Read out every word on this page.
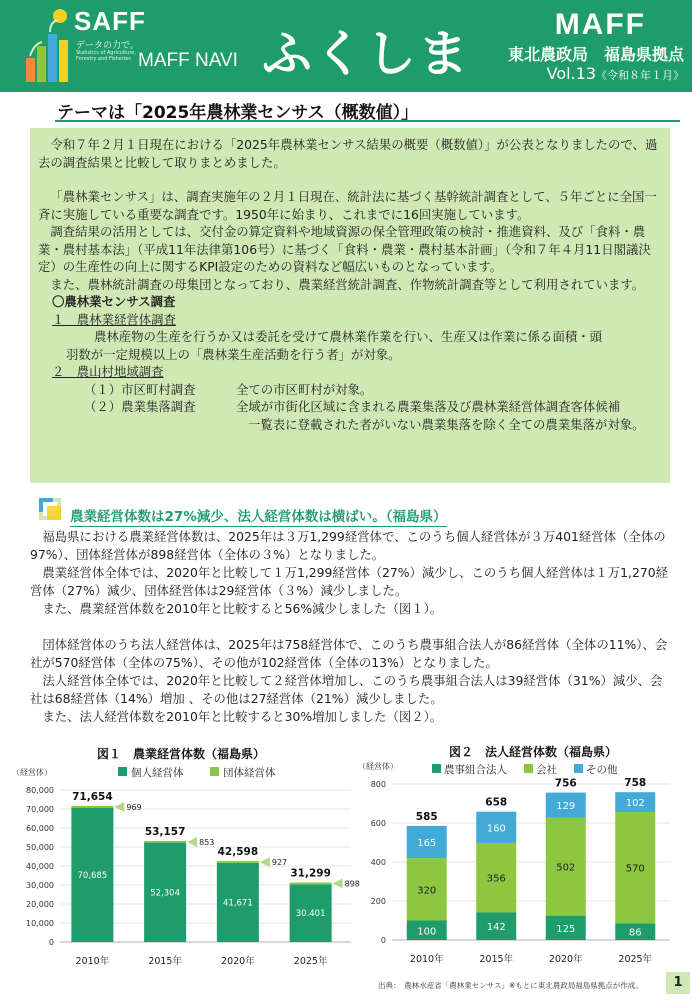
SAFF
データの力で。
Statistics of Agriculture, Forestry and Fisheries MAFF NAVI ふくしま
MAFF
東北農政局　福島県拠点
Vol.13《令和８年１月》
テーマは「2025年農林業センサス（概数値）」

令和７年２月１日現在における「2025年農林業センサス結果の概要（概数値）」が公表となりましたので、過去の調査結果と比較して取りまとめました。

「農林業センサス」は、調査実施年の２月１日現在、統計法に基づく基幹統計調査として、５年ごとに全国一斉に実施している重要な調査です。1950年に始まり、これまでに16回実施しています。

調査結果の活用としては、交付金の算定資料や地域資源の保全管理政策の検討・推進資料、及び「食料・農業・農村基本法」（平成11年法律第106号）に基づく「食料・農業・農村基本計画」（令和７年４月11日閣議決定）の生産性の向上に関するKPI設定のための資料など幅広いものとなっています。

また、農林統計調査の母集団となっており、農業経営統計調査、作物統計調査等として利用されています。

〇農林業センサス調査

１　農林業経営体調査

農林産物の生産を行うか又は委託を受けて農林業作業を行い、生産又は作業に係る面積・頭

羽数が一定規模以上の「農林業生産活動を行う者」が対象。

２　農山村地域調査

（１）市区町村調査	全ての市区町村が対象。
（２）農業集落調査	全域が市街化区域に含まれる農業集落及び農林業経営体調査客体候補

一覧表に登載された者がいない農業集落を除く全ての農業集落が対象。

農業経営体数は27%減少、法人経営体数は横ばい。（福島県）

福島県における農業経営体数は、2025年は３万1,299経営体で、このうち個人経営体が３万401経営体（全体の97%）、団体経営体が898経営体（全体の３%）となりました。

農業経営体全体では、2020年と比較して１万1,299経営体（27%）減少し、このうち個人経営体は１万1,270経営体（27%）減少、団体経営体は29経営体（３%）減少しました。

また、農業経営体数を2010年と比較すると56%減少しました（図１）。

団体経営体のうち法人経営体は、2025年は758経営体で、このうち農事組合法人が86経営体（全体の11%）、会社が570経営体（全体の75%）、その他が102経営体（全体の13%）となりました。

法人経営体全体では、2020年と比較して２経営体増加し、このうち農事組合法人は39経営体（31%）減少、会社は68経営体（14%）増加 、その他は27経営体（21%）減少しました。

また、法人経営体数を2010年と比較すると30%増加しました（図２）。

図１　農業経営体数（福島県）
（経営体）	個人経営体	団体経営体
0
10,000
20,000
30,000
40,000
50,000
60,000
70,000
80,000
70,685
71,654
969
2010年
52,304
53,157
853
2015年
41,671
42,598
927
2020年
30.401
31,299
898
2025年
図２　法人経営体数（福島県）
（経営体）	農事組合法人	会社	その他
0
200
400
600
800
100
320
165
585
2010年
142
356
160
658
2015年
125
502
129
756
2020年
86
570
102
758
2025年
出典：　農林水産省「農林業センサス」※もとに東北農政局福島県拠点が作成。	1
